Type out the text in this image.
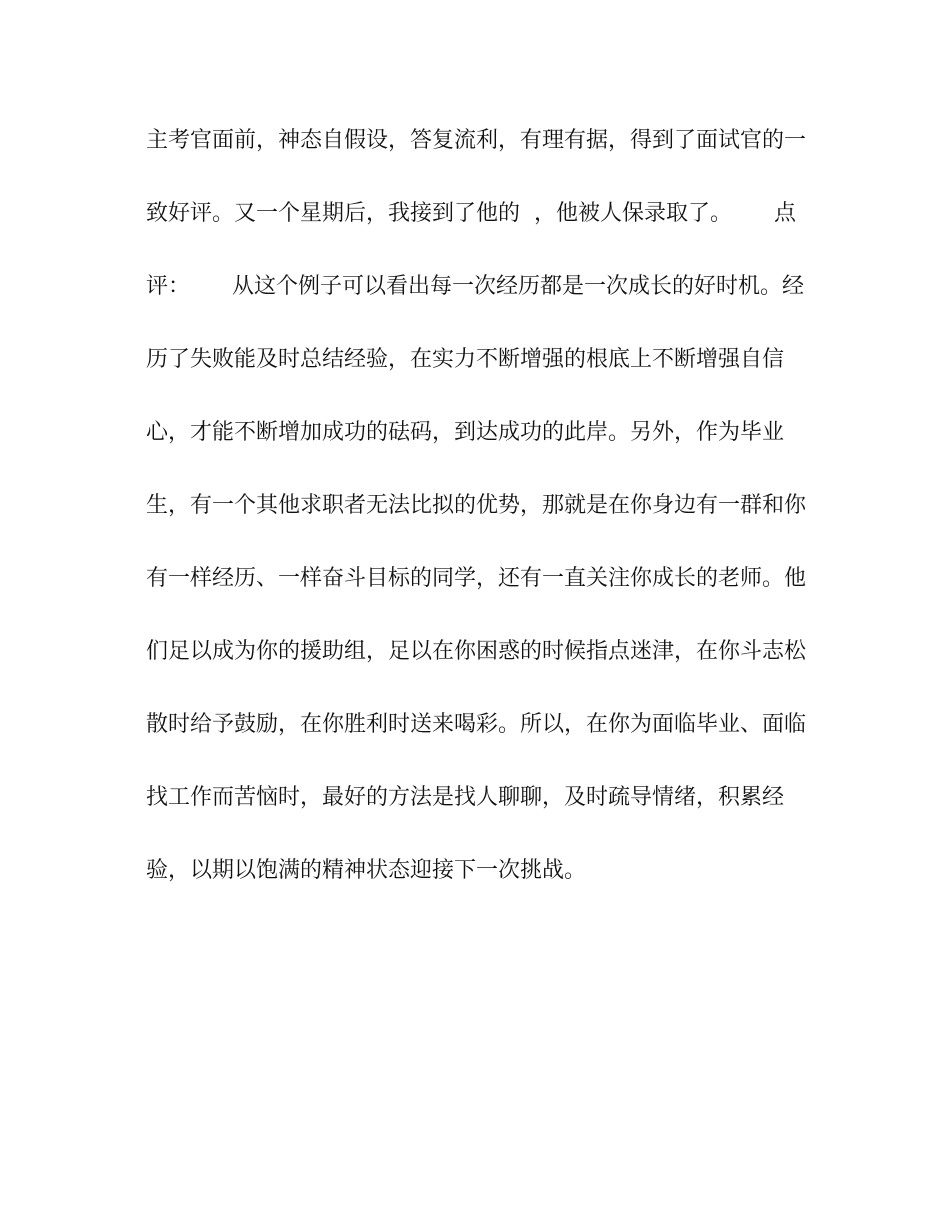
主考官面前，神态自假设，答复流利，有理有据，得到了面试官的一
致好评。又一个星期后，我接到了他的  ，他被人保录取了。      点
评：      从这个例子可以看出每一次经历都是一次成长的好时机。经
历了失败能及时总结经验，在实力不断增强的根底上不断增强自信
心，才能不断增加成功的砝码，到达成功的此岸。另外，作为毕业
生，有一个其他求职者无法比拟的优势，那就是在你身边有一群和你
有一样经历、一样奋斗目标的同学，还有一直关注你成长的老师。他
们足以成为你的援助组，足以在你困惑的时候指点迷津，在你斗志松
散时给予鼓励，在你胜利时送来喝彩。所以，在你为面临毕业、面临
找工作而苦恼时，最好的方法是找人聊聊，及时疏导情绪，积累经
验，以期以饱满的精神状态迎接下一次挑战。
